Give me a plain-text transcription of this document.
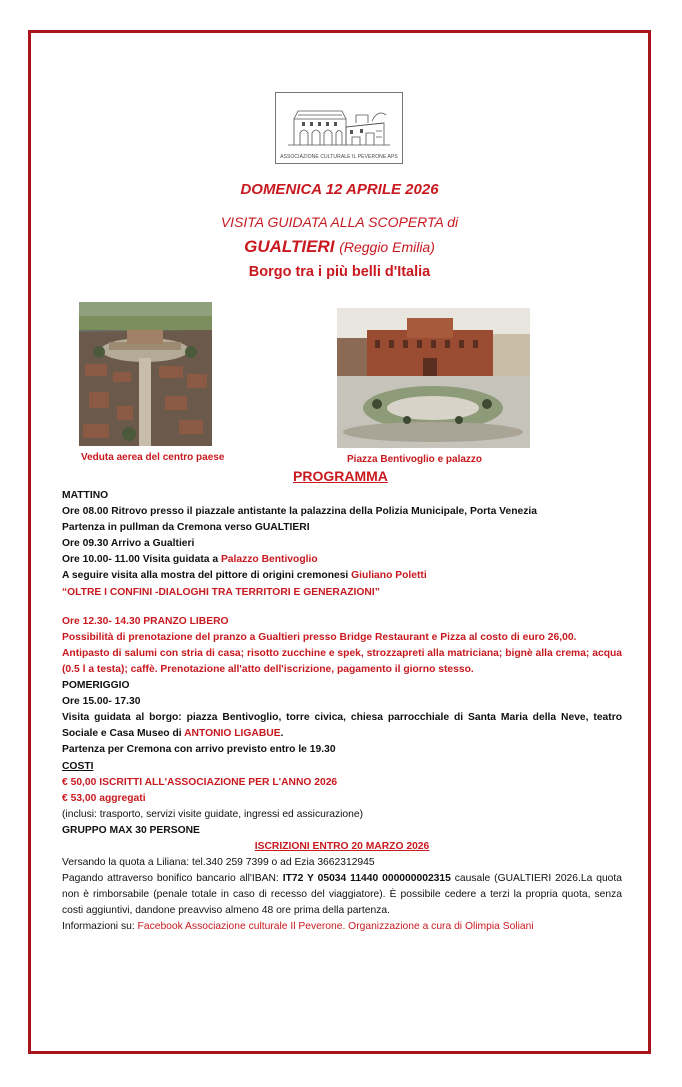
ASSOCIAZIONE CULTURALE IL PEVERONE APS
DOMENICA 12 APRILE 2026
VISITA GUIDATA ALLA SCOPERTA di
GUALTIERI (Reggio Emilia)
Borgo tra i più belli d'Italia
Veduta aerea del centro paese	Piazza Bentivoglio e palazzo
PROGRAMMA
MATTINO
Ore 08.00 Ritrovo presso il piazzale antistante la palazzina della Polizia Municipale, Porta Venezia
Partenza in pullman da Cremona verso GUALTIERI
Ore 09.30 Arrivo a Gualtieri
Ore 10.00- 11.00 Visita guidata a Palazzo Bentivoglio
A seguire visita alla mostra del pittore di origini cremonesi Giuliano Poletti
“OLTRE I CONFINI -DIALOGHI TRA TERRITORI E GENERAZIONI”
Ore 12.30- 14.30 PRANZO LIBERO
Possibilità di prenotazione del pranzo a Gualtieri presso Bridge Restaurant e Pizza al costo di euro 26,00.
Antipasto di salumi con stria di casa; risotto zucchine e spek, strozzapreti alla matriciana; bignè alla crema; acqua (0.5 l a testa); caffè. Prenotazione all'atto dell'iscrizione, pagamento il giorno stesso.
POMERIGGIO
Ore 15.00- 17.30
Visita guidata al borgo: piazza Bentivoglio, torre civica, chiesa parrocchiale di Santa Maria della Neve, teatro Sociale e Casa Museo di ANTONIO LIGABUE.
Partenza per Cremona con arrivo previsto entro le 19.30
COSTI
€ 50,00 ISCRITTI ALL'ASSOCIAZIONE PER L'ANNO 2026
€ 53,00 aggregati
(inclusi: trasporto, servizi visite guidate, ingressi ed assicurazione)
GRUPPO MAX 30 PERSONE
ISCRIZIONI ENTRO 20 MARZO 2026
Versando la quota a Liliana: tel.340 259 7399 o ad Ezia 3662312945
Pagando attraverso bonifico bancario all'IBAN: IT72 Y 05034 11440 000000002315 causale (GUALTIERI 2026.La quota non è rimborsabile (penale totale in caso di recesso del viaggiatore). È possibile cedere a terzi la propria quota, senza costi aggiuntivi, dandone preavviso almeno 48 ore prima della partenza.
Informazioni su: Facebook Associazione culturale Il Peverone. Organizzazione a cura di Olimpia Soliani
